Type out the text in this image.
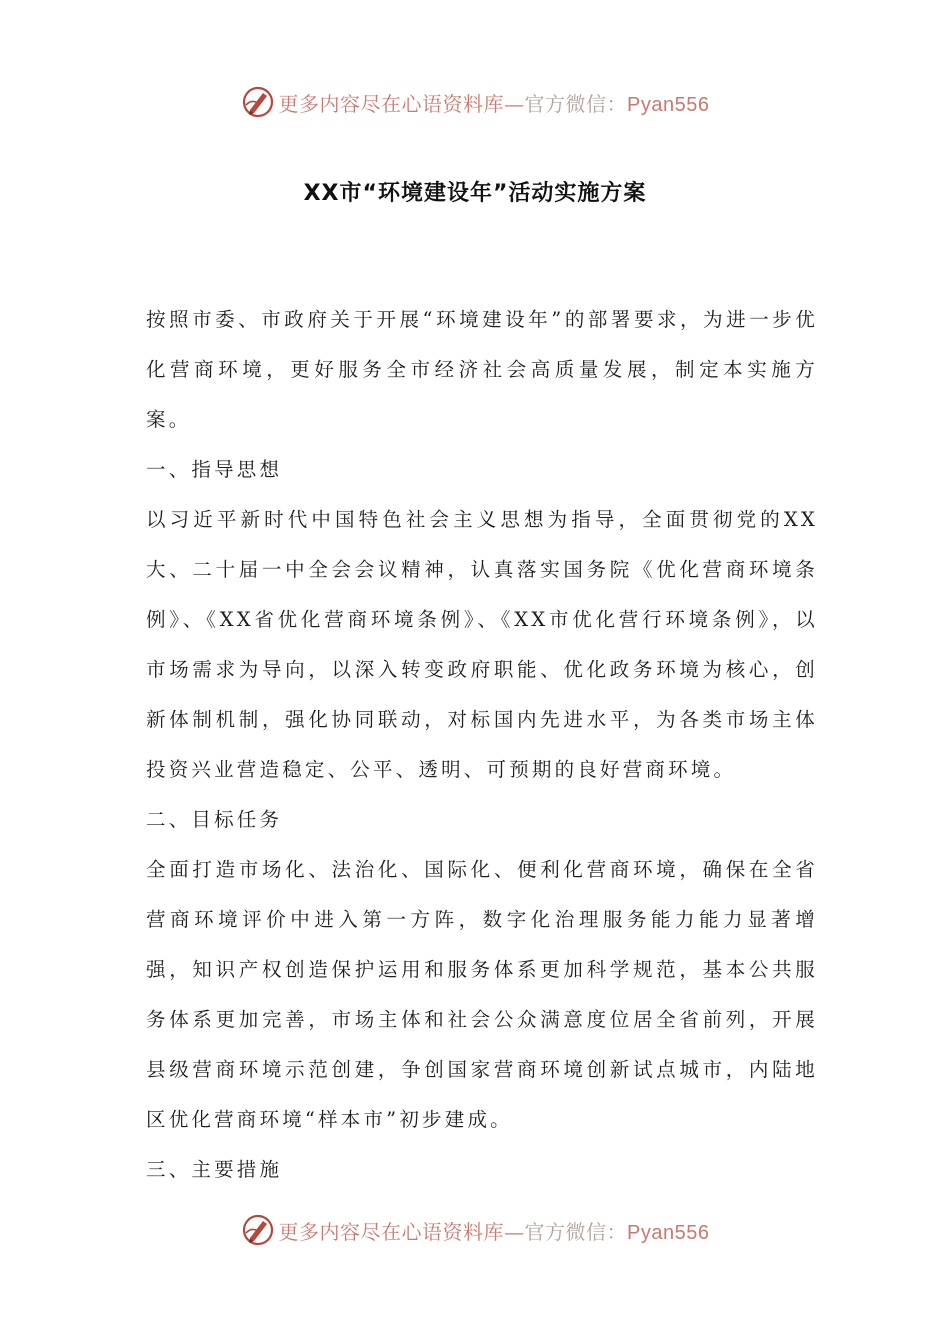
更多内容尽在心语资料库—官方微信：Pyan556
XX市“环境建设年”活动实施方案

按照市委、市政府关于开展“环境建设年”的部署要求，为进一步优化营商环境，更好服务全市经济社会高质量发展，制定本实施方案。

一、指导思想

以习近平新时代中国特色社会主义思想为指导，全面贯彻党的XX大、二十届一中全会会议精神，认真落实国务院《优化营商环境条例》、《XX省优化营商环境条例》、《XX市优化营行环境条例》，以市场需求为导向，以深入转变政府职能、优化政务环境为核心，创新体制机制，强化协同联动，对标国内先进水平，为各类市场主体投资兴业营造稳定、公平、透明、可预期的良好营商环境。

二、目标任务

全面打造市场化、法治化、国际化、便利化营商环境，确保在全省营商环境评价中进入第一方阵，数字化治理服务能力能力显著增强，知识产权创造保护运用和服务体系更加科学规范，基本公共服务体系更加完善，市场主体和社会公众满意度位居全省前列，开展县级营商环境示范创建，争创国家营商环境创新试点城市，内陆地区优化营商环境“样本市”初步建成。

三、主要措施

更多内容尽在心语资料库—官方微信：Pyan556
